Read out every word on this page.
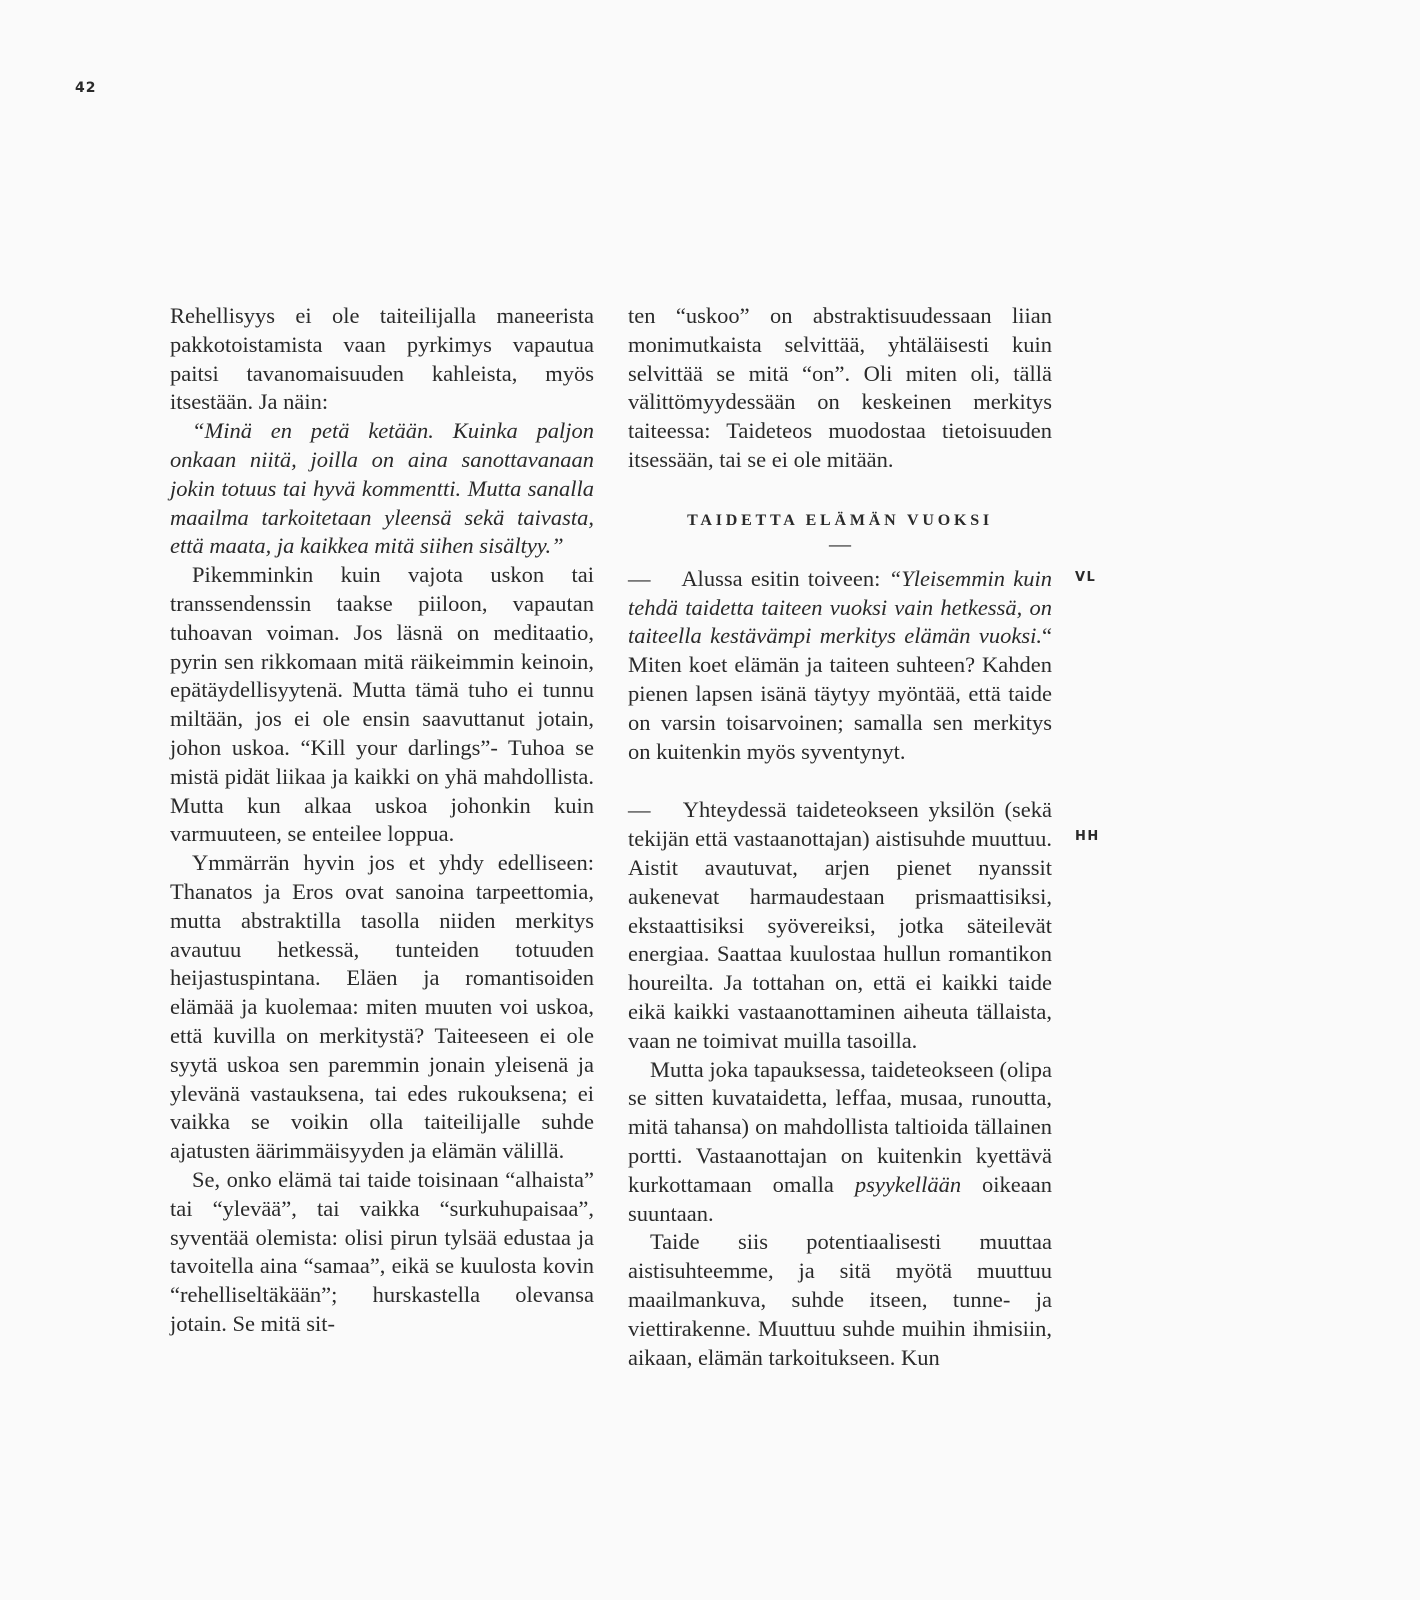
42

Rehellisyys ei ole taiteilijalla maneerista pakkotoistamista vaan pyrkimys vapautua paitsi tavanomaisuuden kahleista, myös itsestään. Ja näin:

“Minä en petä ketään. Kuinka paljon onkaan niitä, joilla on aina sanottavanaan jokin totuus tai hyvä kommentti. Mutta sanalla maailma tarkoitetaan yleensä sekä taivasta, että maata, ja kaikkea mitä siihen sisältyy.”

Pikemminkin kuin vajota uskon tai transsendenssin taakse piiloon, vapautan tuhoavan voiman. Jos läsnä on meditaatio, pyrin sen rikkomaan mitä räikeimmin keinoin, epätäydellisyytenä. Mutta tämä tuho ei tunnu miltään, jos ei ole ensin saavuttanut jotain, johon uskoa. “Kill your darlings”- Tuhoa se mistä pidät liikaa ja kaikki on yhä mahdollista. Mutta kun alkaa uskoa johonkin kuin varmuuteen, se enteilee loppua.

Ymmärrän hyvin jos et yhdy edelliseen: Thanatos ja Eros ovat sanoina tarpeettomia, mutta abstraktilla tasolla niiden merkitys avautuu hetkessä, tunteiden totuuden heijastuspintana. Eläen ja romantisoiden elämää ja kuolemaa: miten muuten voi uskoa, että kuvilla on merkitystä? Taiteeseen ei ole syytä uskoa sen paremmin jonain yleisenä ja ylevänä vastauksena, tai edes rukouksena; ei vaikka se voikin olla taiteilijalle suhde ajatusten äärimmäisyyden ja elämän välillä.

Se, onko elämä tai taide toisinaan “alhaista” tai “ylevää”, tai vaikka “surkuhupaisaa”, syventää olemista: olisi pirun tylsää edustaa ja tavoitella aina “samaa”, eikä se kuulosta kovin “rehelliseltäkään”; hurskastella olevansa jotain. Se mitä sit-

ten “uskoo” on abstraktisuudessaan liian monimutkaista selvittää, yhtäläisesti kuin selvittää se mitä “on”. Oli miten oli, tällä välittömyydessään on keskeinen merkitys taiteessa: Taideteos muodostaa tietoisuuden itsessään, tai se ei ole mitään.

TAIDETTA ELÄMÄN VUOKSI

—

—  Alussa esitin toiveen: “Yleisemmin kuin tehdä taidetta taiteen vuoksi vain hetkessä, on taiteella kestävämpi merkitys elämän vuoksi.“ Miten koet elämän ja taiteen suhteen? Kahden pienen lapsen isänä täytyy myöntää, että taide on varsin toisarvoinen; samalla sen merkitys on kuitenkin myös syventynyt.

—  Yhteydessä taideteokseen yksilön (sekä tekijän että vastaanottajan) aistisuhde muuttuu. Aistit avautuvat, arjen pienet nyanssit aukenevat harmaudestaan prismaattisiksi, ekstaattisiksi syövereiksi, jotka säteilevät energiaa. Saattaa kuulostaa hullun romantikon houreilta. Ja tottahan on, että ei kaikki taide eikä kaikki vastaanottaminen aiheuta tällaista, vaan ne toimivat muilla tasoilla.

Mutta joka tapauksessa, taideteokseen (olipa se sitten kuvataidetta, leffaa, musaa, runoutta, mitä tahansa) on mahdollista taltioida tällainen portti. Vastaanottajan on kuitenkin kyettävä kurkottamaan omalla psyykellään oikeaan suuntaan.

Taide siis potentiaalisesti muuttaa aistisuhteemme, ja sitä myötä muuttuu maailmankuva, suhde itseen, tunne- ja viettirakenne. Muuttuu suhde muihin ihmisiin, aikaan, elämän tarkoitukseen. Kun

VL
HH
